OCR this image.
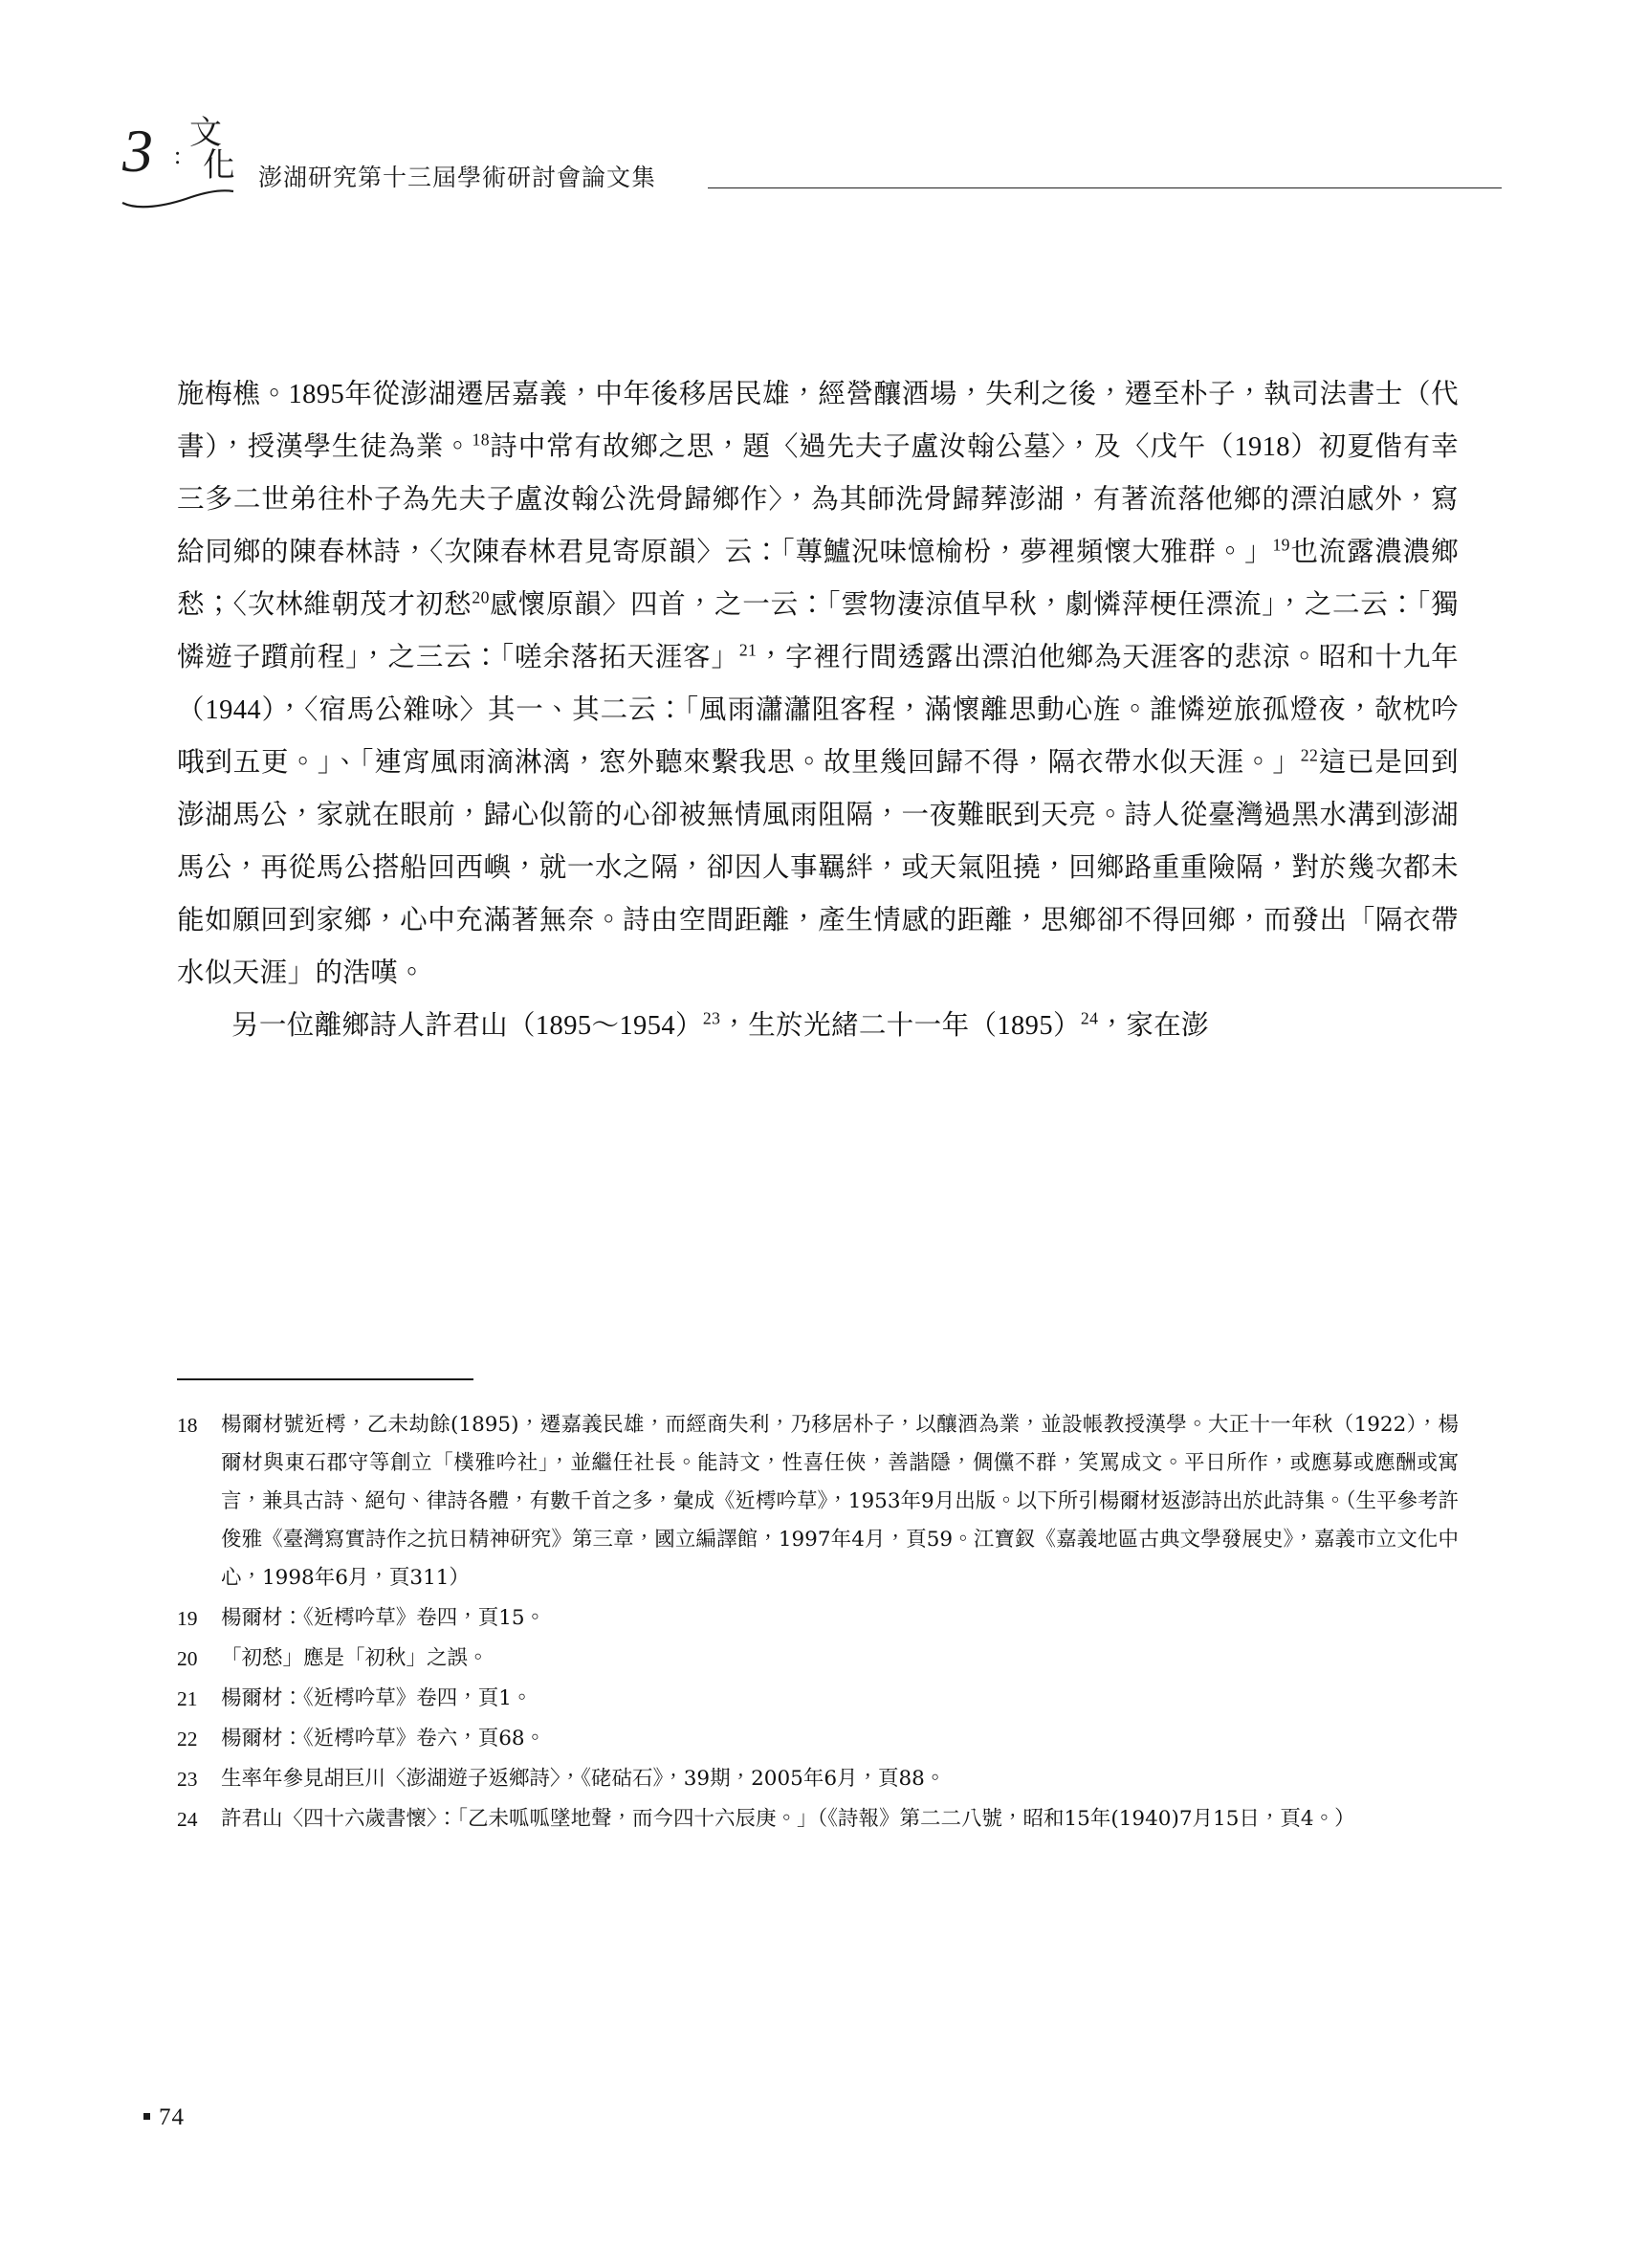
3 :
文
化 澎湖研究第十三屆學術研討會論文集

施梅樵。1895年從澎湖遷居嘉義，中年後移居民雄，經營釀酒場，失利之後，遷至朴子，執司法書士（代書），授漢學生徒為業。$^{18}$詩中常有故鄉之思，題〈過先夫子盧汝翰公墓〉，及〈戊午（1918）初夏偕有幸三多二世弟往朴子為先夫子盧汝翰公洗骨歸鄉作〉，為其師洗骨歸葬澎湖，有著流落他鄉的漂泊感外，寫給同鄉的陳春林詩，〈次陳春林君見寄原韻〉云：「蓴鱸況味憶榆枌，夢裡頻懷大雅群。」$^{19}$也流露濃濃鄉愁；〈次林維朝茂才初愁$^{20}$感懷原韻〉四首，之一云：「雲物淒涼值早秋，劇憐萍梗任漂流」，之二云：「獨憐遊子躓前程」，之三云：「嗟余落拓天涯客」$^{21}$，字裡行間透露出漂泊他鄉為天涯客的悲涼。昭和十九年（1944），〈宿馬公雜咏〉其一、其二云：「風雨瀟瀟阻客程，滿懷離思動心旌。誰憐逆旅孤燈夜，欹枕吟哦到五更。」、「連宵風雨滴淋漓，窓外聽來繫我思。故里幾回歸不得，隔衣帶水似天涯。」$^{22}$這已是回到澎湖馬公，家就在眼前，歸心似箭的心卻被無情風雨阻隔，一夜難眠到天亮。詩人從臺灣過黑水溝到澎湖馬公，再從馬公搭船回西嶼，就一水之隔，卻因人事羈絆，或天氣阻撓，回鄉路重重險隔，對於幾次都未能如願回到家鄉，心中充滿著無奈。詩由空間距離，產生情感的距離，思鄉卻不得回鄉，而發出「隔衣帶水似天涯」的浩嘆。

另一位離鄉詩人許君山（1895～1954）$^{23}$，生於光緒二十一年$(1895)^{24}$，家在澎

18	楊爾材號近樗，乙未劫餘(1895)，遷嘉義民雄，而經商失利，乃移居朴子，以釀酒為業，並設帳教授漢學。大正十一年秋（1922），楊爾材與東石郡守等創立「樸雅吟社」，並繼任社長。能詩文，性喜任俠，善諧隱，倜儻不群，笑罵成文。平日所作，或應募或應酬或寓言，兼具古詩、絕句、律詩各體，有數千首之多，彙成《近樗吟草》，1953年9月出版。以下所引楊爾材返澎詩出於此詩集。（生平參考許俊雅《臺灣寫實詩作之抗日精神研究》第三章，國立編譯館，1997年4月，頁59。江寶釵《嘉義地區古典文學發展史》，嘉義市立文化中心，1998年6月，頁311）
19	楊爾材：《近樗吟草》卷四，頁15。
20	「初愁」應是「初秋」之誤。
21	楊爾材：《近樗吟草》卷四，頁1。
22	楊爾材：《近樗吟草》卷六，頁68。
23	生率年參見胡巨川〈澎湖遊子返鄉詩〉，《硓𥑮石》，39期，2005年6月，頁88。
24	許君山〈四十六歲書懷〉：「乙未呱呱墜地聲，而今四十六辰庚。」（《詩報》第二二八號，昭和15年(1940)7月15日，頁4。）
74
